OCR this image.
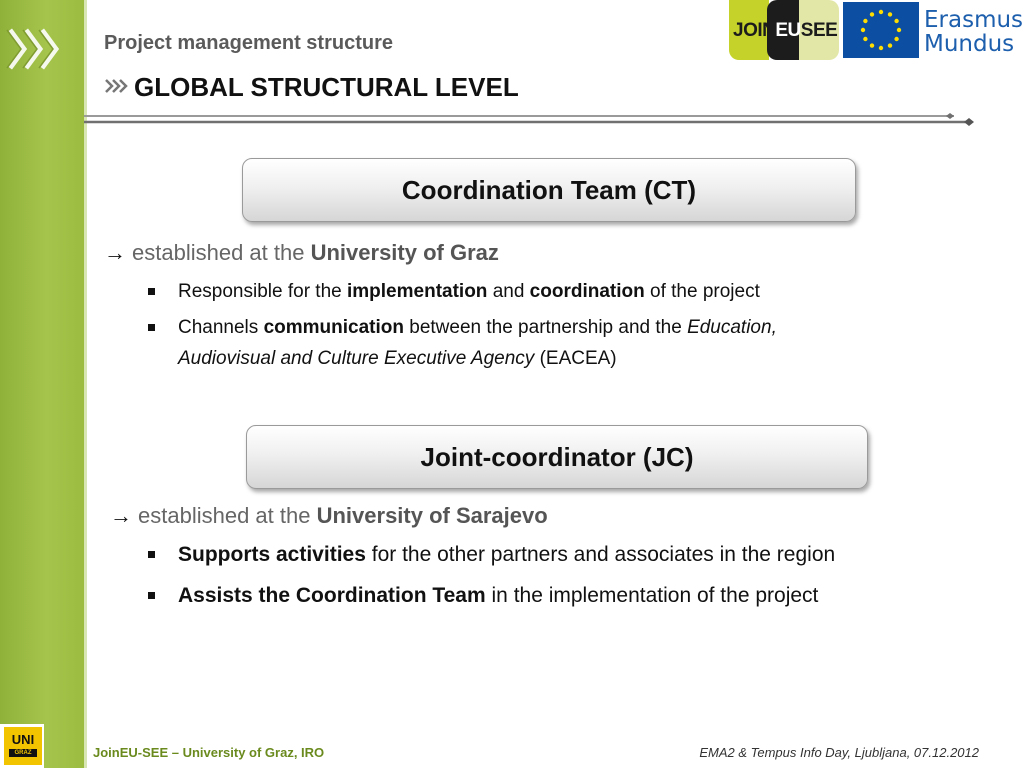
UNI
GRAZ
Project management structure
GLOBAL STRUCTURAL LEVEL
JOINEUSEE	Erasmus
Mundus
Coordination Team (CT)
→ established at the University of Graz
Responsible for the implementation and coordination of the project
Channels communication between the partnership and the Education,
Audiovisual and Culture Executive Agency (EACEA)
Joint-coordinator (JC)
→ established at the University of Sarajevo
Supports activities for the other partners and associates in the region
Assists the Coordination Team in the implementation of the project
JoinEU-SEE – University of Graz, IRO	EMA2 & Tempus Info Day, Ljubljana, 07.12.2012
